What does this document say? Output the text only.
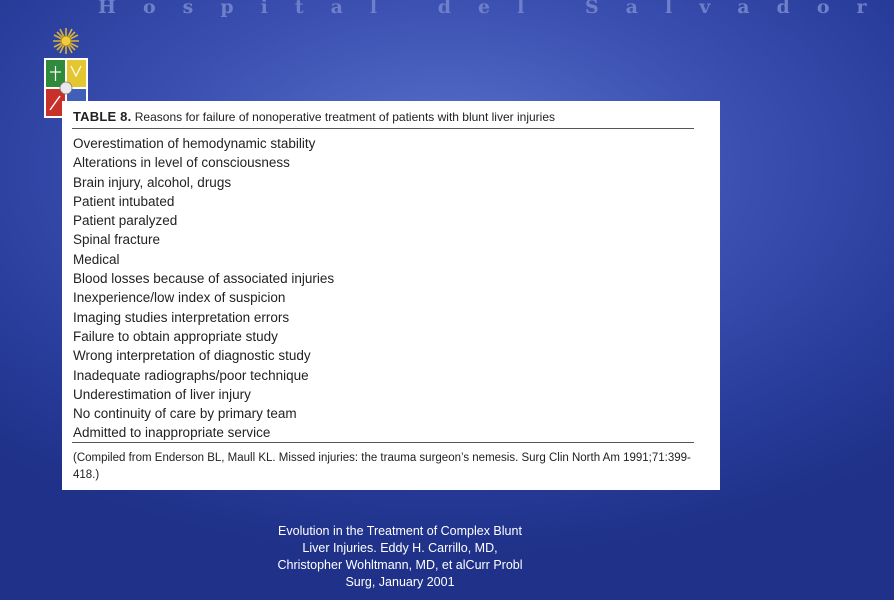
Hospital del Salvador
TABLE 8. Reasons for failure of nonoperative treatment of patients with blunt liver injuries
Overestimation of hemodynamic stability
Alterations in level of consciousness
Brain injury, alcohol, drugs
Patient intubated
Patient paralyzed
Spinal fracture
Medical
Blood losses because of associated injuries
Inexperience/low index of suspicion
Imaging studies interpretation errors
Failure to obtain appropriate study
Wrong interpretation of diagnostic study
Inadequate radiographs/poor technique
Underestimation of liver injury
No continuity of care by primary team
Admitted to inappropriate service
(Compiled from Enderson BL, Maull KL. Missed injuries: the trauma surgeon’s nemesis. Surg Clin North Am 1991;71:399-418.)
Evolution in the Treatment of Complex Blunt Liver Injuries. Eddy H. Carrillo, MD, Christopher Wohltmann, MD, et alCurr Probl Surg, January 2001
